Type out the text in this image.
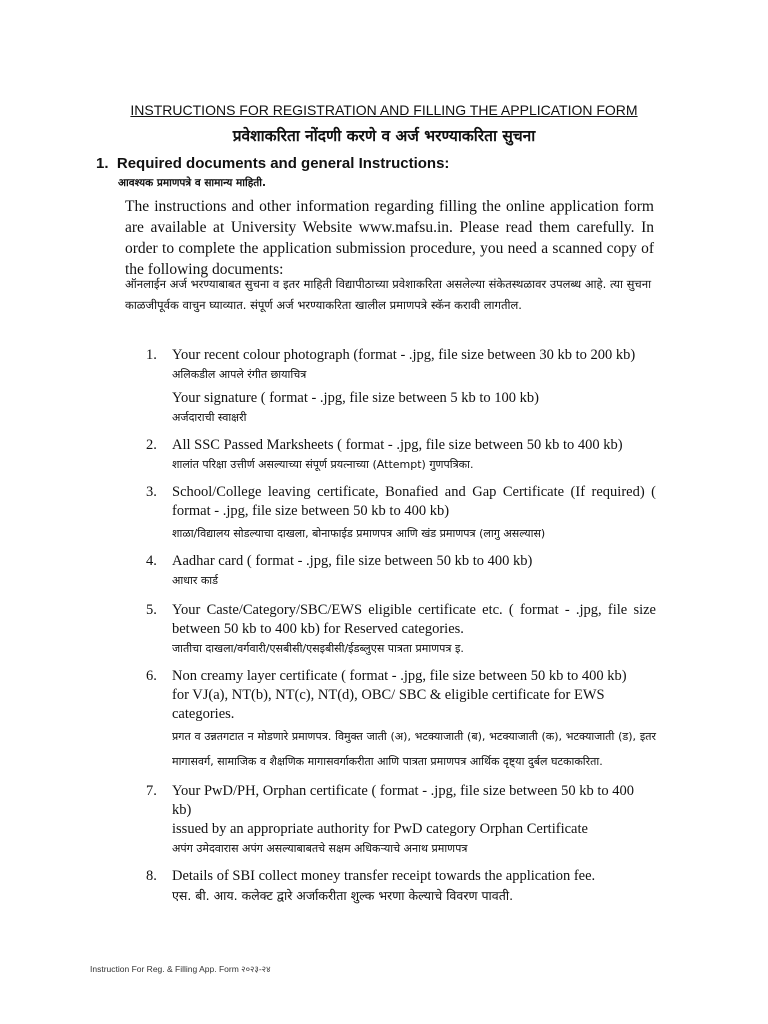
INSTRUCTIONS FOR REGISTRATION AND FILLING THE APPLICATION FORM
प्रवेशाकरिता नोंदणी करणे व अर्ज भरण्याकरिता सुचना
1. Required documents and general Instructions:
आवश्यक प्रमाणपत्रे व सामान्य माहिती.
The instructions and other information regarding filling the online application form are available at University Website www.mafsu.in. Please read them carefully. In order to complete the application submission procedure, you need a scanned copy of the following documents:
ऑनलाईन अर्ज भरण्याबाबत सुचना व इतर माहिती विद्यापीठाच्या प्रवेशाकरिता असलेल्या संकेतस्थळावर उपलब्ध आहे. त्या सुचना काळजीपूर्वक वाचुन घ्याव्यात. संपूर्ण अर्ज भरण्याकरिता खालील प्रमाणपत्रे स्कॅन करावी लागतील.
1. Your recent colour photograph (format - .jpg, file size between 30 kb to 200 kb)
अलिकडील आपले रंगीत छायाचित्र
Your signature ( format - .jpg, file size between 5 kb to 100 kb)
अर्जदाराची स्वाक्षरी
2. All SSC Passed Marksheets ( format - .jpg, file size between 50 kb to 400 kb)
शालांत परिक्षा उत्तीर्ण असल्याच्या संपूर्ण प्रयत्नाच्या (Attempt) गुणपत्रिका.
3. School/College leaving certificate, Bonafied and Gap Certificate (If required) ( format - .jpg, file size between 50 kb to 400 kb)
शाळा/विद्यालय सोडल्याचा दाखला, बोनाफाईड प्रमाणपत्र आणि खंड प्रमाणपत्र (लागु असल्यास)
4. Aadhar card ( format - .jpg, file size between 50 kb to 400 kb)
आधार कार्ड
5. Your Caste/Category/SBC/EWS eligible certificate etc. ( format - .jpg, file size between 50 kb to 400 kb) for Reserved categories.
जातीचा दाखला/वर्गवारी/एसबीसी/एसइबीसी/ईडब्लुएस पात्रता प्रमाणपत्र इ.
6. Non creamy layer certificate ( format - .jpg, file size between 50 kb to 400 kb)
for VJ(a), NT(b), NT(c), NT(d), OBC/ SBC & eligible certificate for EWS categories.
प्रगत व उन्नतगटात न मोडणारे प्रमाणपत्र. विमुक्त जाती (अ), भटक्याजाती (ब), भटक्याजाती (क), भटक्याजाती (ड), इतर मागासवर्ग, सामाजिक व शैक्षणिक मागासवर्गाकरीता आणि पात्रता प्रमाणपत्र आर्थिक दृष्ट्या दुर्बल घटकाकरिता.
7. Your PwD/PH, Orphan certificate ( format - .jpg, file size between 50 kb to 400 kb)
issued by an appropriate authority for PwD category Orphan Certificate
अपंग उमेदवारास अपंग असल्याबाबतचे सक्षम अधिकऱ्याचे अनाथ प्रमाणपत्र
8. Details of SBI collect money transfer receipt towards the application fee.
एस. बी. आय. कलेक्ट द्वारे अर्जाकरीता शुल्क भरणा केल्याचे विवरण पावती.
Instruction For Reg. & Filling App. Form २०२३-२४
